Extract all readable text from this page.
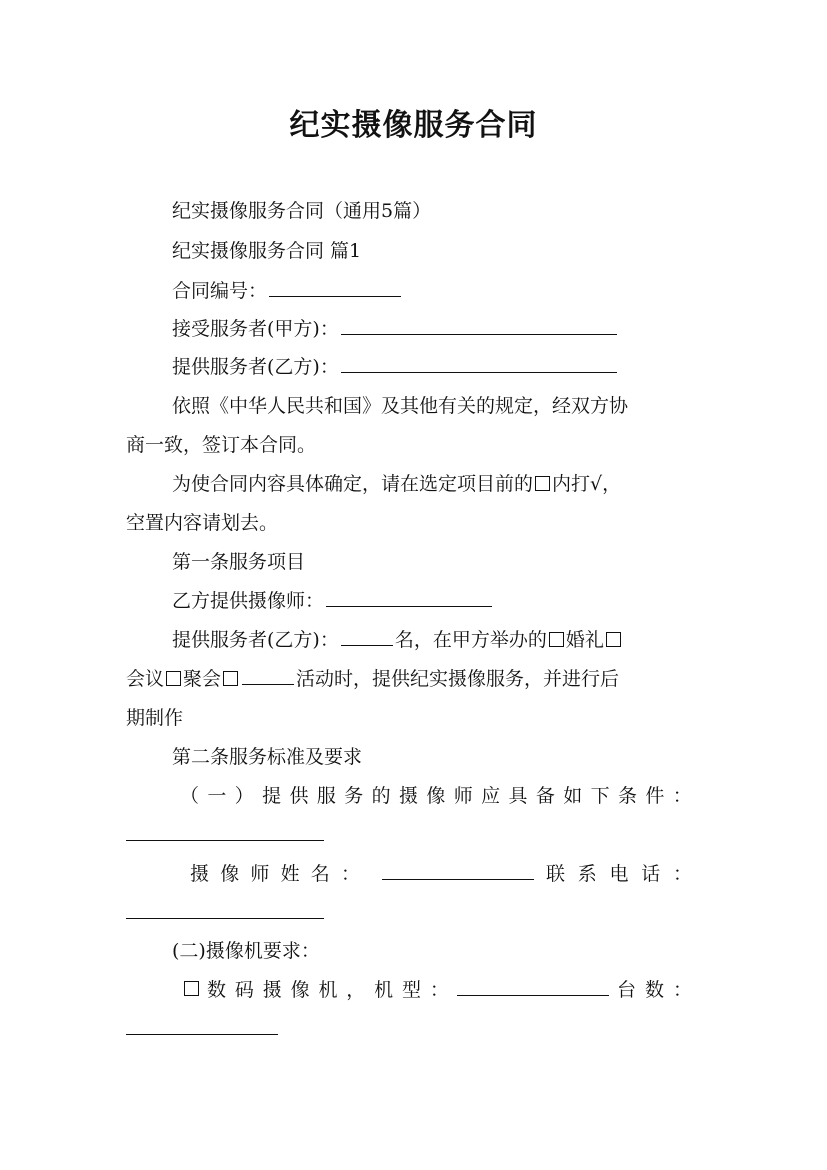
纪实摄像服务合同
纪实摄像服务合同（通用5篇）
纪实摄像服务合同 篇1
合同编号：
接受服务者(甲方)：
提供服务者(乙方)：
依照《中华人民共和国》及其他有关的规定，经双方协
商一致，签订本合同。
为使合同内容具体确定，请在选定项目前的 内打√，
空置内容请划去。
第一条服务项目
乙方提供摄像师：
提供服务者(乙方)：	名，在甲方举办的 婚礼
会议 聚会	活动时，提供纪实摄像服务，并进行后
期制作
第二条服务标准及要求
（ 一 ） 提 供 服 务 的 摄 像 师 应 具 备 如 下 条 件 ：
摄 像 师 姓 名 ：	联 系 电 话 ：
(二)摄像机要求：
数 码 摄 像 机 ， 机 型 ：	台 数 ：
